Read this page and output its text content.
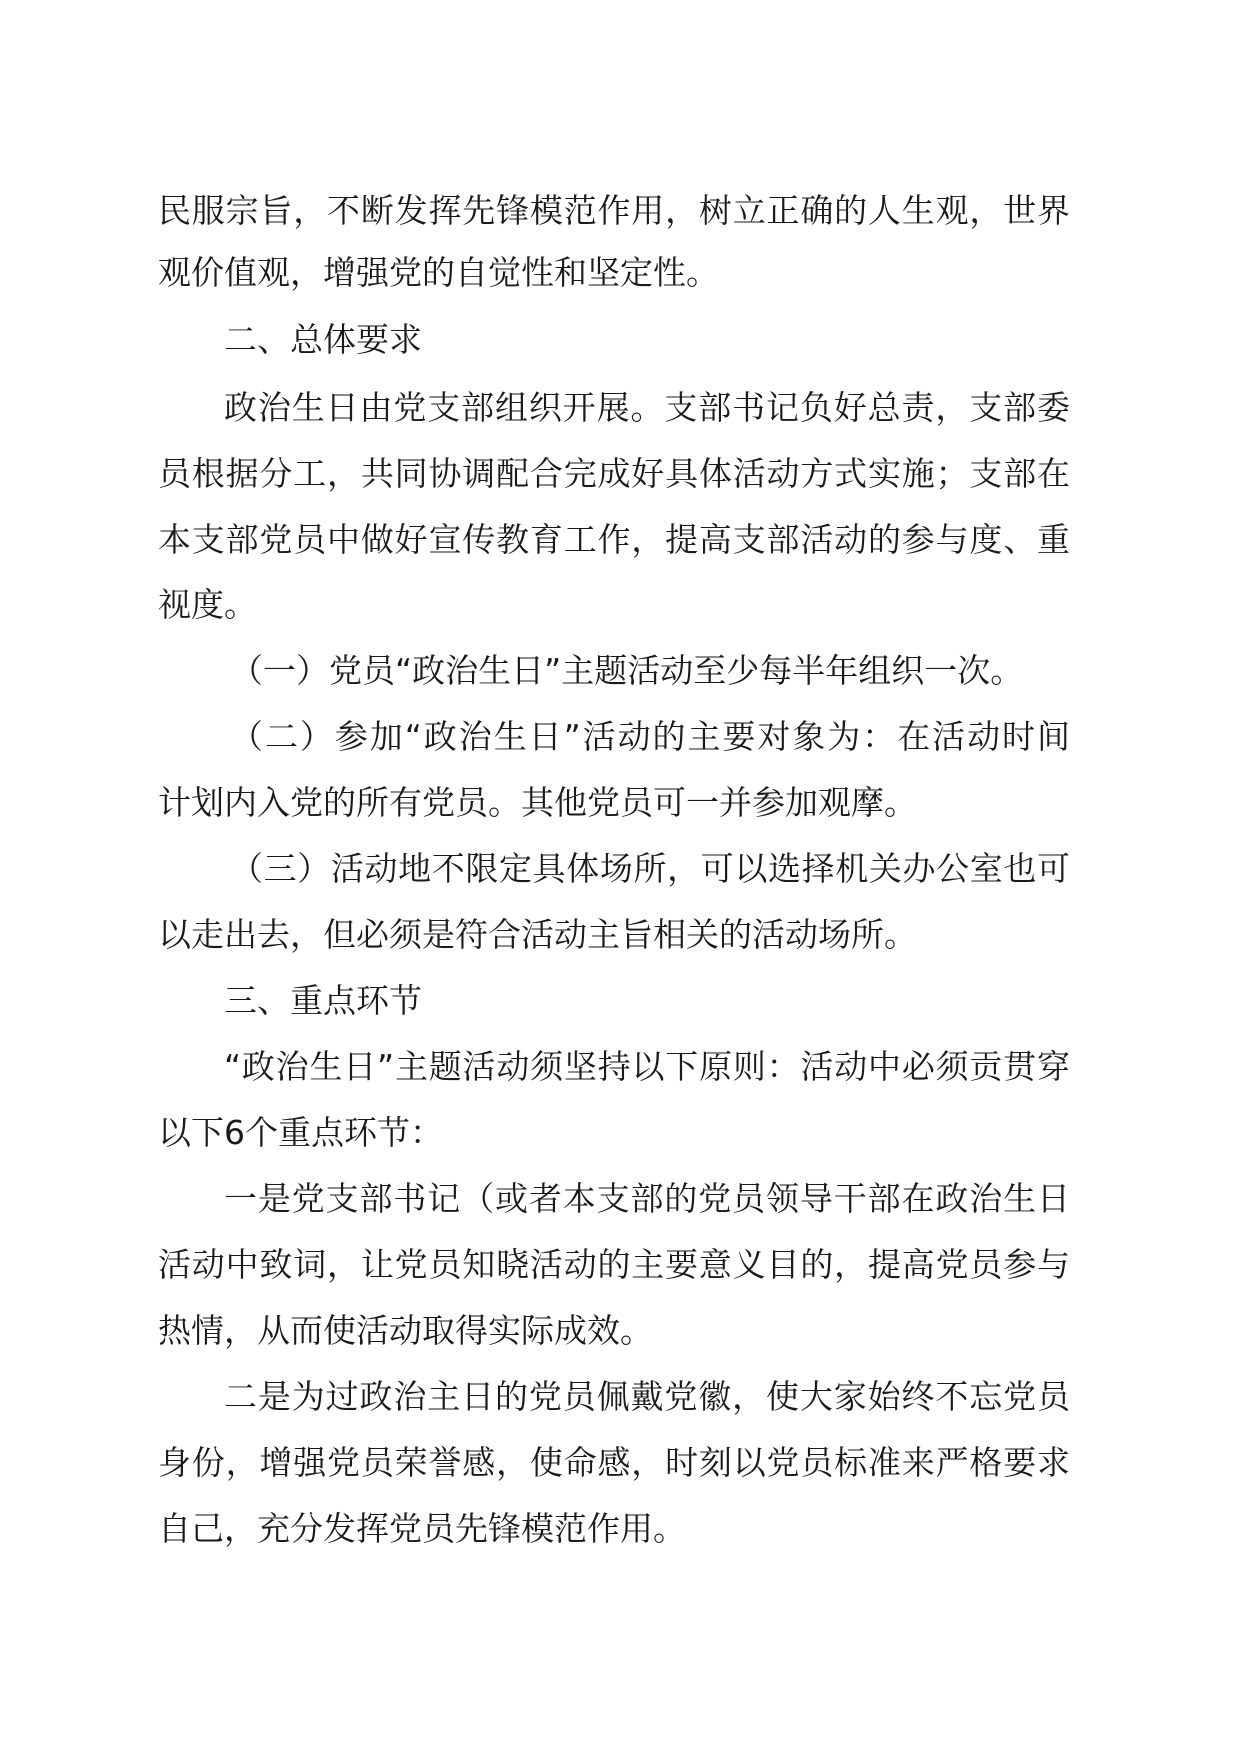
民服宗旨，不断发挥先锋模范作用，树立正确的人生观，世界
观价值观，增强党的自觉性和坚定性。
二、总体要求
政治生日由党支部组织开展。支部书记负好总责，支部委
员根据分工，共同协调配合完成好具体活动方式实施；支部在
本支部党员中做好宣传教育工作，提高支部活动的参与度、重
视度。
（一）党员“政治生日”主题活动至少每半年组织一次。
（二）参加“政治生日”活动的主要对象为：在活动时间
计划内入党的所有党员。其他党员可一并参加观摩。
（三）活动地不限定具体场所，可以选择机关办公室也可
以走出去，但必须是符合活动主旨相关的活动场所。
三、重点环节
“政治生日”主题活动须坚持以下原则：活动中必须贡贯穿
以下6个重点环节：
一是党支部书记（或者本支部的党员领导干部在政治生日
活动中致词，让党员知晓活动的主要意义目的，提高党员参与
热情，从而使活动取得实际成效。
二是为过政治主日的党员佩戴党徽，使大家始终不忘党员
身份，增强党员荣誉感，使命感，时刻以党员标准来严格要求
自己，充分发挥党员先锋模范作用。
